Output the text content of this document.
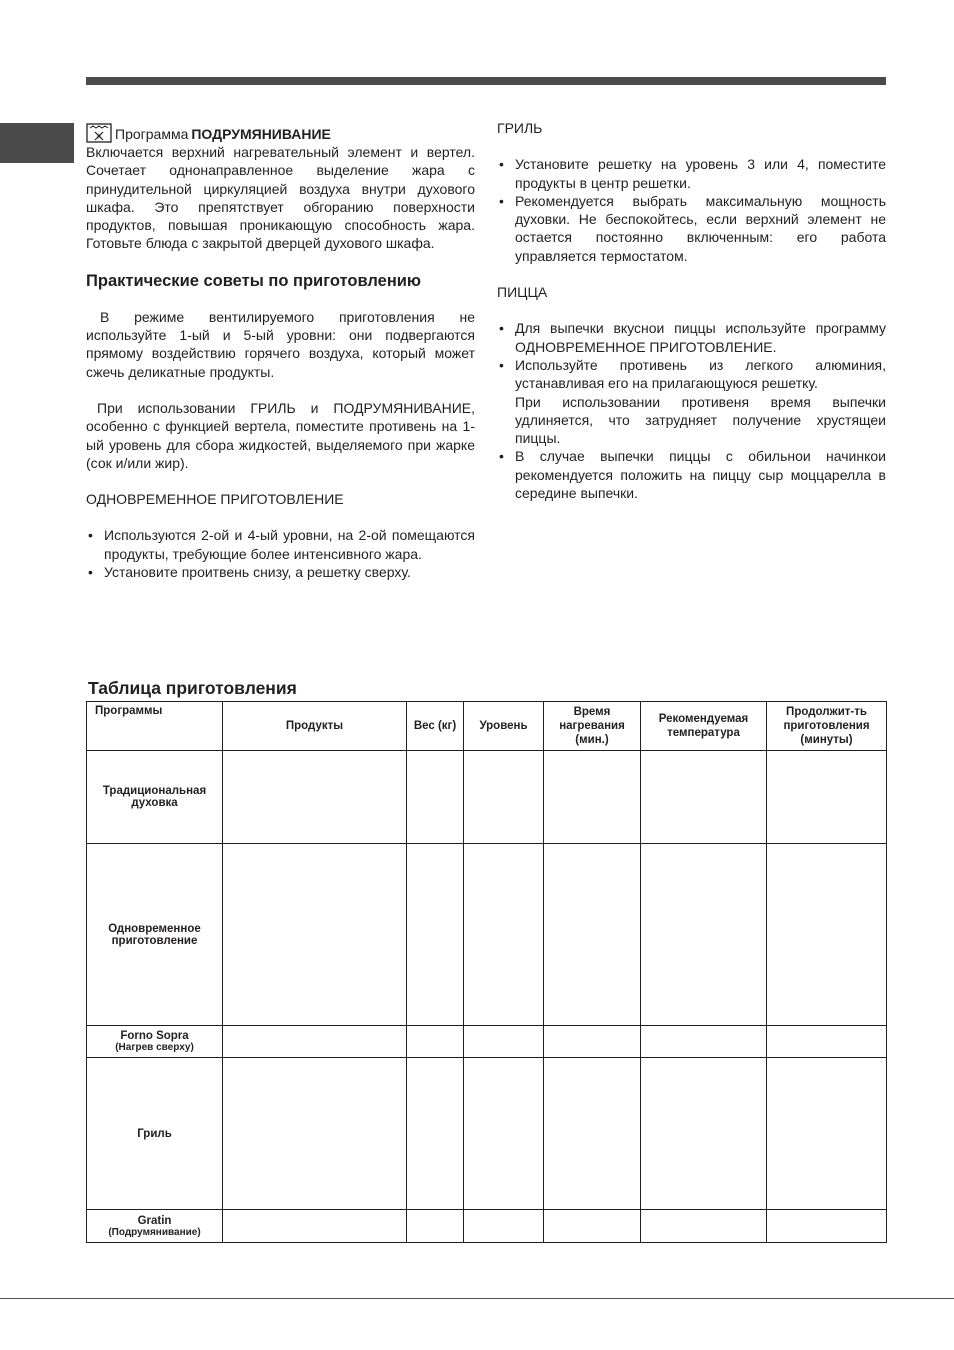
Программа ПОДРУМЯНИВАНИЕ

Включается верхний нагревательный элемент и вертел. Сочетает однонаправленное выделение жара с принудительной циркуляцией воздуха внутри духового шкафа. Это препятствует обгоранию поверхности продуктов, повышая проникающую способность жара. Готовьте блюда с закрытой дверцей духового шкафа.

Практические советы по приготовлению

В режиме вентилируемого приготовления не используйте 1-ый и 5-ый уровни: они подвергаются прямому воздействию горячего воздуха, который может сжечь деликатные продукты.

При использовании ГРИЛЬ и ПОДРУМЯНИВАНИЕ, особенно с функцией вертела, поместите противень на 1-ый уровень для сбора жидкостей, выделяемого при жарке (сок и/или жир).

ОДНОВРЕМЕННОЕ ПРИГОТОВЛЕНИЕ

• Используются 2-ой и 4-ый уровни, на 2-ой помещаются продукты, требующие более интенсивного жара.
• Установите проитвень снизу, а решетку сверху.

ГРИЛЬ

• Установите решетку на уровень 3 или 4, поместите продукты в центр решетки.
• Рекомендуется выбрать максимальную мощность духовки. Не беспокойтесь, если верхний элемент не остается постоянно включенным: его работа управляется термостатом.

ПИЦЦА

• Для выпечки вкуснои пиццы используйте программу ОДНОВРЕМЕННОЕ ПРИГОТОВЛЕНИЕ.
• Используйте противень из легкого алюминия, устанавливая его на прилагающуюся решетку.
При использовании противеня время выпечки удлиняется, что затрудняет получение хрустящеи пиццы.
• В случае выпечки пиццы с обильнои начинкои рекомендуется положить на пиццу сыр моццарелла в середине выпечки.

Таблица приготовления

Программы	Продукты	Вес (кг)	Уровень	Время нагревания (мин.)	Рекомендуемая температура	Продолжит-ть приготовления (минуты)
Традициональная духовка						
Одновременное приготовление						
Forno Sopra
(Нагрев сверху)						

Гриль						
Gratin
(Подрумянивание)						
